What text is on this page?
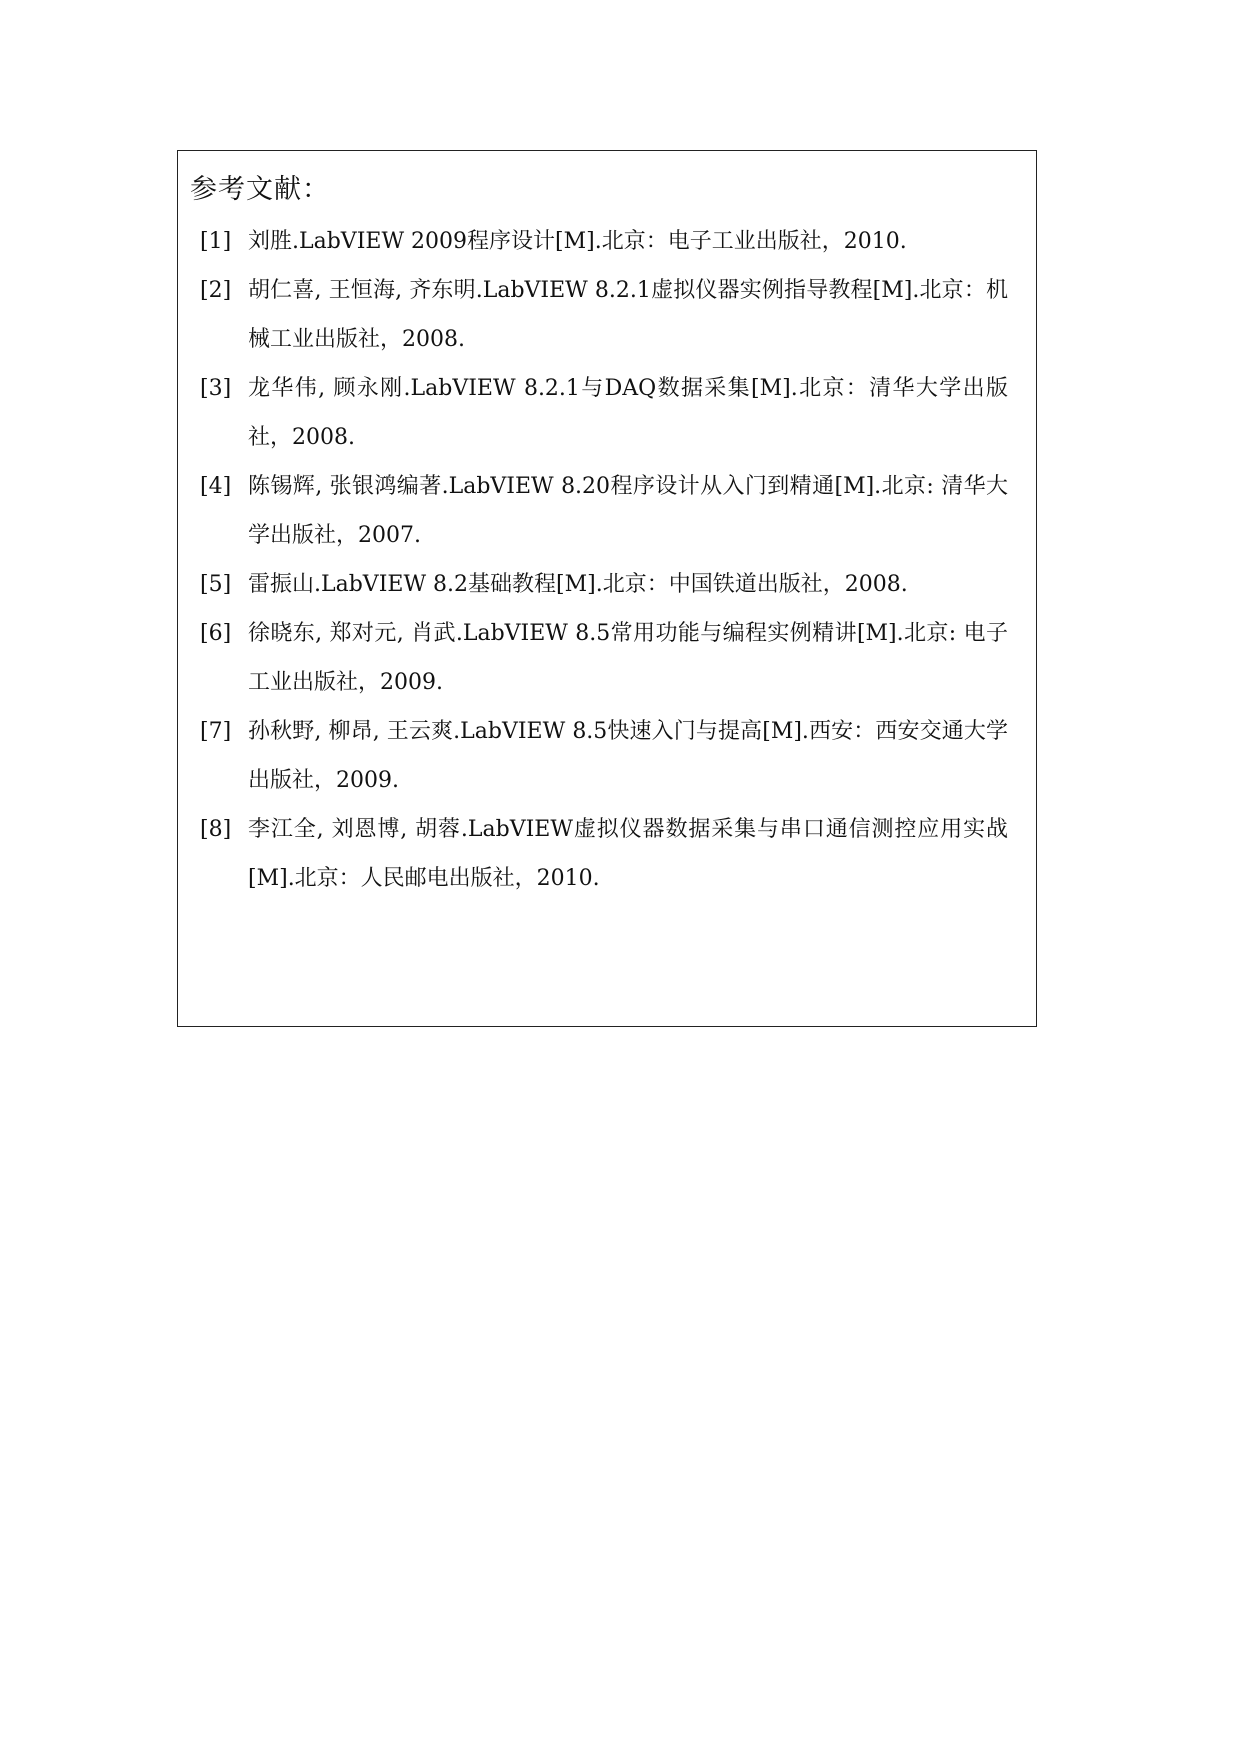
参考文献：
[1] 刘胜.LabVIEW 2009程序设计[M].北京：电子工业出版社，2010.
[2] 胡仁喜, 王恒海, 齐东明.LabVIEW 8.2.1虚拟仪器实例指导教程[M].北京：机械工业出版社，2008.
[3] 龙华伟, 顾永刚.LabVIEW 8.2.1与DAQ数据采集[M].北京：清华大学出版社，2008.
[4] 陈锡辉, 张银鸿编著.LabVIEW 8.20程序设计从入门到精通[M].北京: 清华大学出版社，2007.
[5] 雷振山.LabVIEW 8.2基础教程[M].北京：中国铁道出版社，2008.
[6] 徐晓东, 郑对元, 肖武.LabVIEW 8.5常用功能与编程实例精讲[M].北京: 电子工业出版社，2009.
[7] 孙秋野, 柳昂, 王云爽.LabVIEW 8.5快速入门与提高[M].西安：西安交通大学出版社，2009.
[8] 李江全, 刘恩博, 胡蓉.LabVIEW虚拟仪器数据采集与串口通信测控应用实战[M].北京：人民邮电出版社，2010.
